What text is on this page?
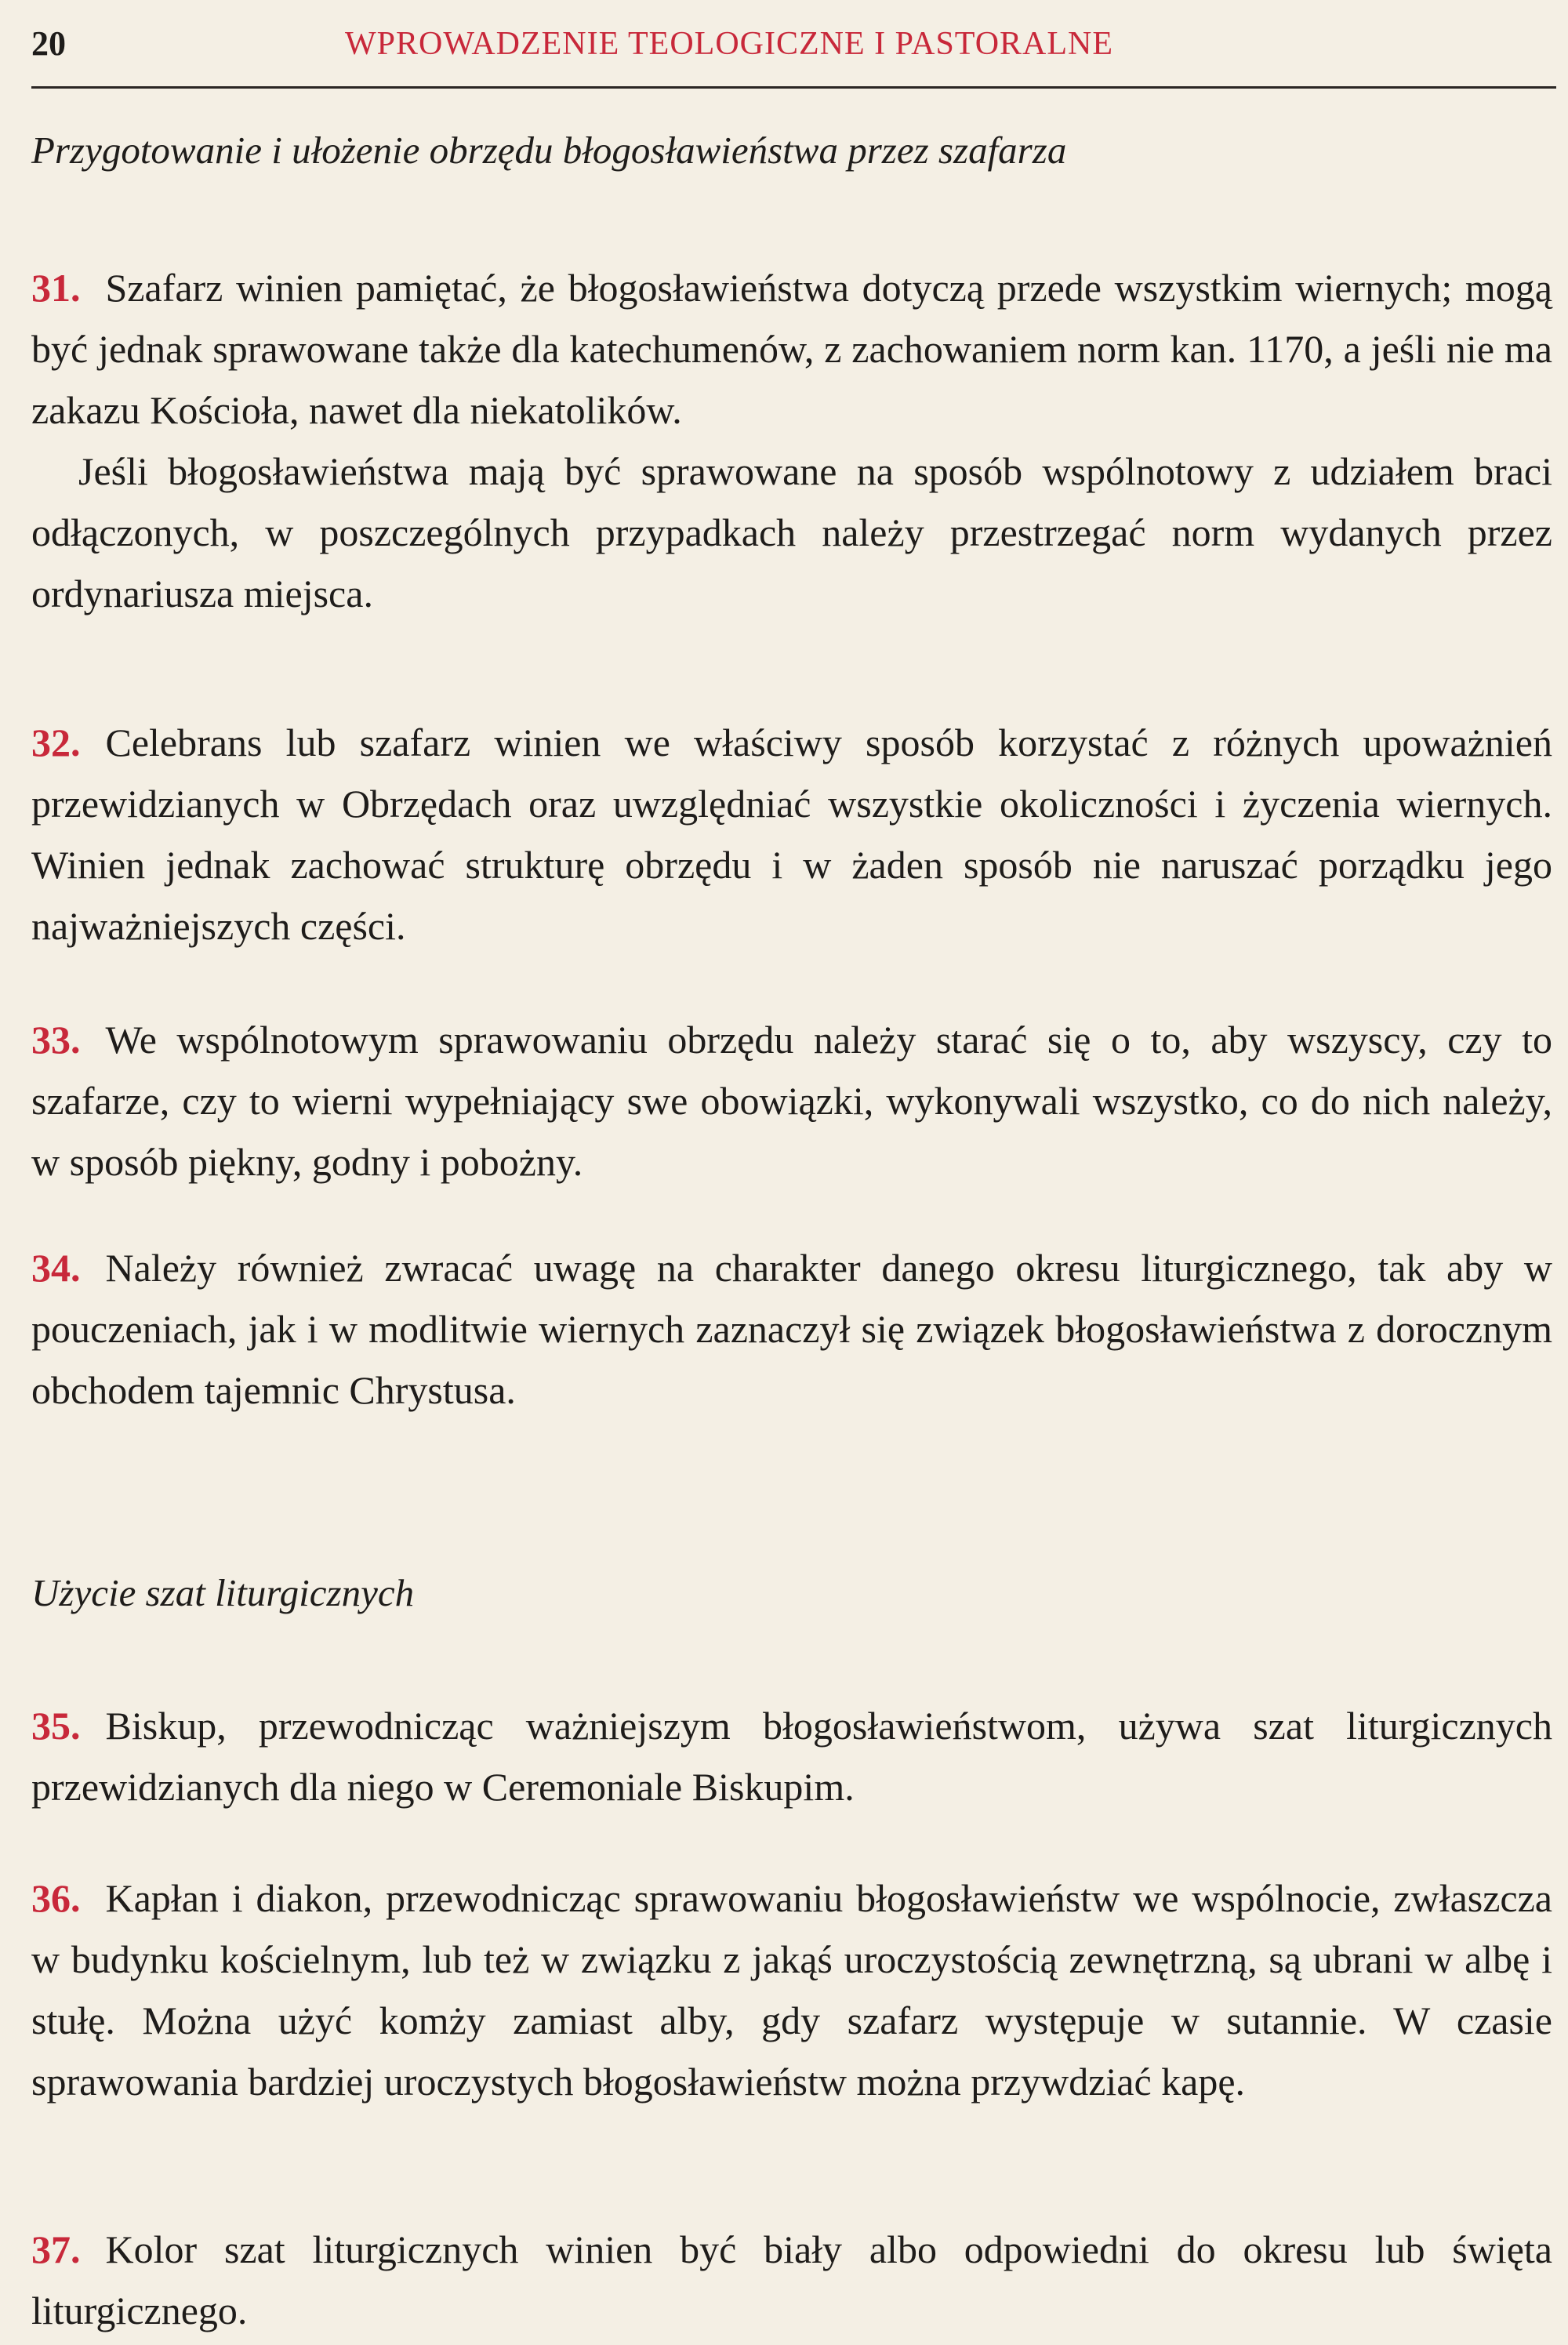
20	WPROWADZENIE TEOLOGICZNE I PASTORALNE
Przygotowanie i ułożenie obrzędu błogosławieństwa przez szafarza

31. Szafarz winien pamiętać, że błogosławieństwa dotyczą przede wszystkim wiernych; mogą być jednak sprawowane także dla katechumenów, z zachowaniem norm kan. 1170, a jeśli nie ma zakazu Kościoła, nawet dla niekatolików.

Jeśli błogosławieństwa mają być sprawowane na sposób wspólnotowy z udziałem braci odłączonych, w poszczególnych przypadkach należy przestrzegać norm wydanych przez ordynariusza miejsca.

32. Celebrans lub szafarz winien we właściwy sposób korzystać z różnych upoważnień przewidzianych w Obrzędach oraz uwzględniać wszystkie okoliczności i życzenia wiernych. Winien jednak zachować strukturę obrzędu i w żaden sposób nie naruszać porządku jego najważniejszych części.

33. We wspólnotowym sprawowaniu obrzędu należy starać się o to, aby wszyscy, czy to szafarze, czy to wierni wypełniający swe obowiązki, wykonywali wszystko, co do nich należy, w sposób piękny, godny i pobożny.

34. Należy również zwracać uwagę na charakter danego okresu liturgicznego, tak aby w pouczeniach, jak i w modlitwie wiernych zaznaczył się związek błogosławieństwa z dorocznym obchodem tajemnic Chrystusa.

Użycie szat liturgicznych

35. Biskup, przewodnicząc ważniejszym błogosławieństwom, używa szat liturgicznych przewidzianych dla niego w Ceremoniale Biskupim.

36. Kapłan i diakon, przewodnicząc sprawowaniu błogosławieństw we wspólnocie, zwłaszcza w budynku kościelnym, lub też w związku z jakąś uroczystością zewnętrzną, są ubrani w albę i stułę. Można użyć komży zamiast alby, gdy szafarz występuje w sutannie. W czasie sprawowania bardziej uroczystych błogosławieństw można przywdziać kapę.

37. Kolor szat liturgicznych winien być biały albo odpowiedni do okresu lub święta liturgicznego.
